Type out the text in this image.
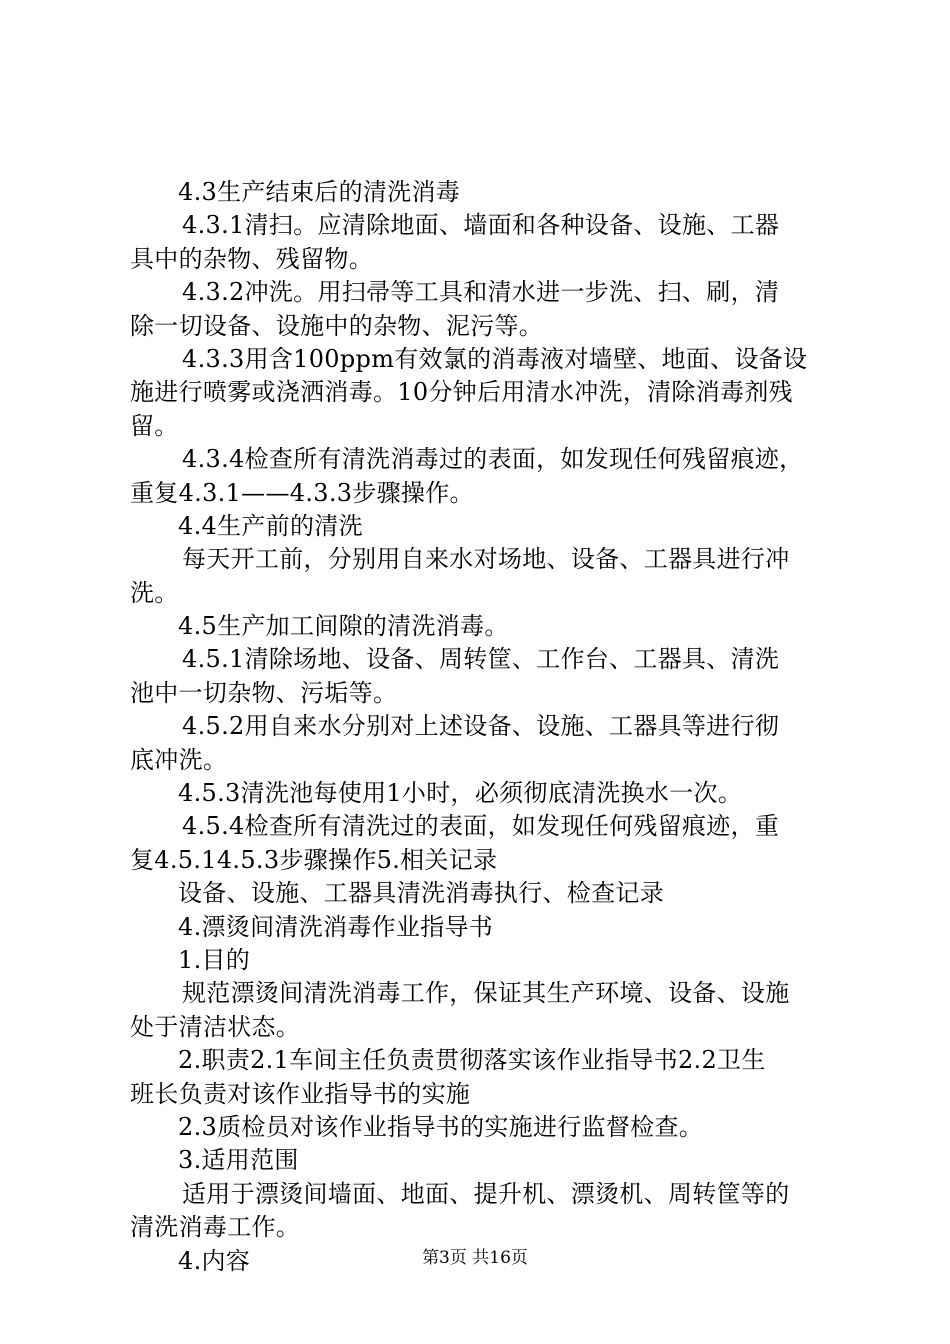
4.3生产结束后的清洗消毒
4.3.1清扫。应清除地面、墙面和各种设备、设施、工器
具中的杂物、残留物。
4.3.2冲洗。用扫帚等工具和清水进一步洗、扫、刷，清
除一切设备、设施中的杂物、泥污等。
4.3.3用含100ppm有效氯的消毒液对墙壁、地面、设备设
施进行喷雾或浇洒消毒。10分钟后用清水冲洗，清除消毒剂残
留。
4.3.4检查所有清洗消毒过的表面，如发现任何残留痕迹，
重复4.3.1——4.3.3步骤操作。
4.4生产前的清洗
每天开工前，分别用自来水对场地、设备、工器具进行冲
洗。
4.5生产加工间隙的清洗消毒。
4.5.1清除场地、设备、周转筐、工作台、工器具、清洗
池中一切杂物、污垢等。
4.5.2用自来水分别对上述设备、设施、工器具等进行彻
底冲洗。
4.5.3清洗池每使用1小时，必须彻底清洗换水一次。
4.5.4检查所有清洗过的表面，如发现任何残留痕迹，重
复4.5.14.5.3步骤操作5.相关记录
设备、设施、工器具清洗消毒执行、检查记录
4.漂烫间清洗消毒作业指导书
1.目的
规范漂烫间清洗消毒工作，保证其生产环境、设备、设施
处于清洁状态。
2.职责2.1车间主任负责贯彻落实该作业指导书2.2卫生
班长负责对该作业指导书的实施
2.3质检员对该作业指导书的实施进行监督检查。
3.适用范围
适用于漂烫间墙面、地面、提升机、漂烫机、周转筐等的
清洗消毒工作。
4.内容	第3页 共16页
